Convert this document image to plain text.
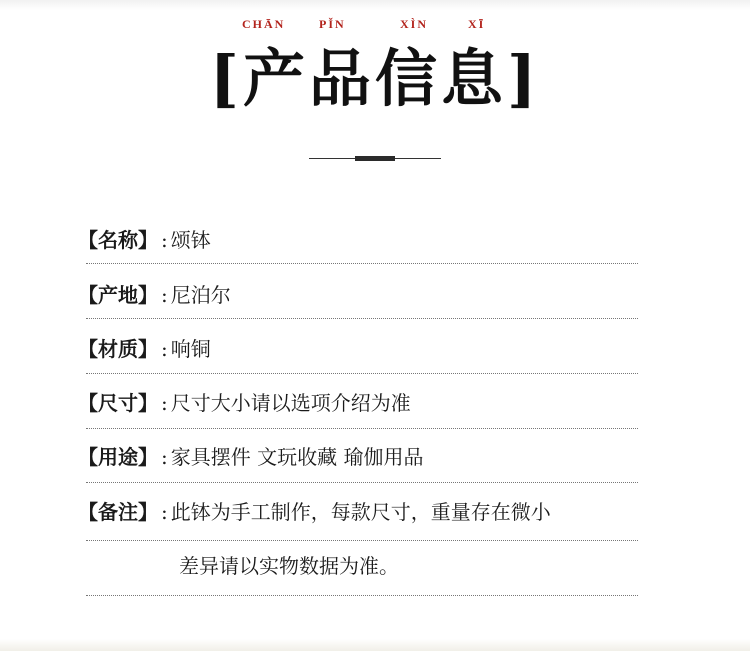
CHĀN	PǏN	XÌN	XĪ
[产品信息]
【名称】 : 颂钵
【产地】 : 尼泊尔
【材质】 : 响铜
【尺寸】 : 尺寸大小请以选项介绍为准
【用途】 : 家具摆件 文玩收藏 瑜伽用品
【备注】 : 此钵为手工制作，每款尺寸，重量存在微小
差异请以实物数据为准。
